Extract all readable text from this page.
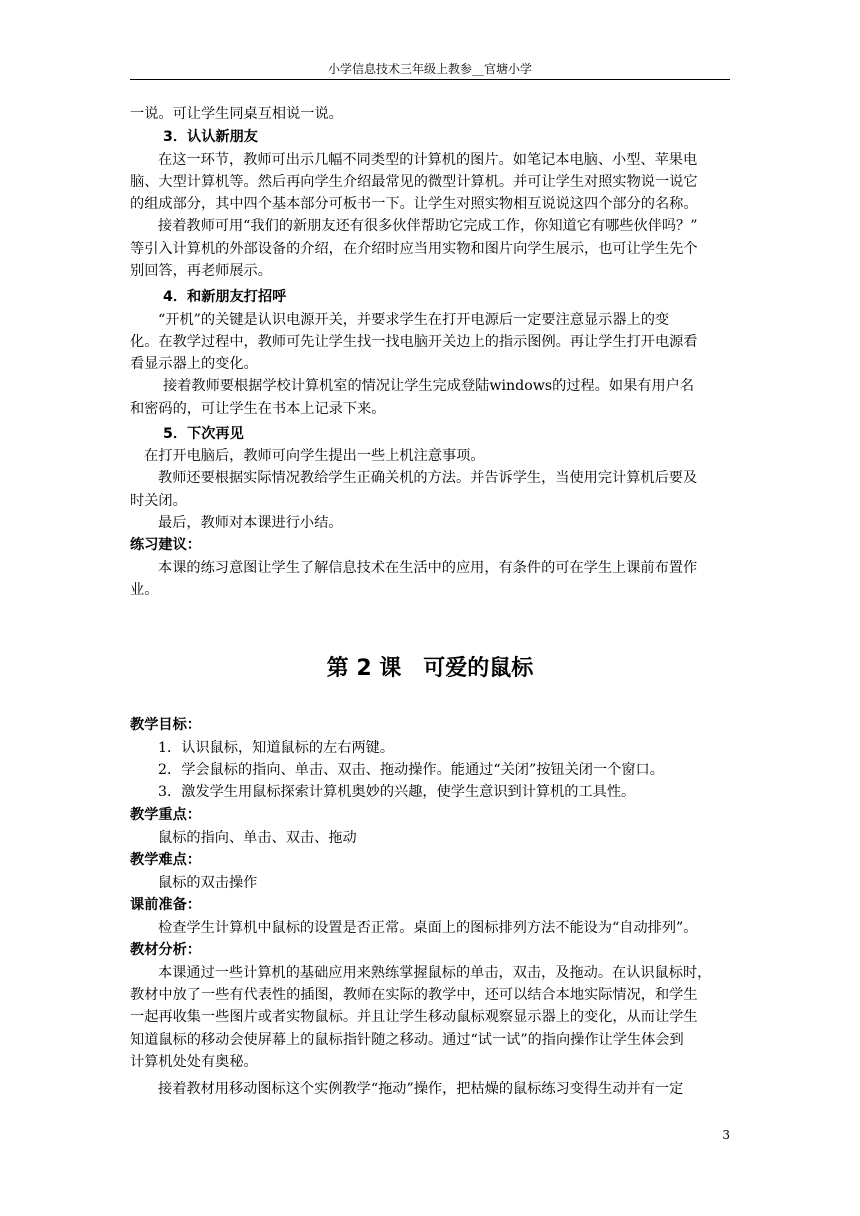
小学信息技术三年级上教参__官塘小学

一说。可让学生同桌互相说一说。

3．认认新朋友

在这一环节，教师可出示几幅不同类型的计算机的图片。如笔记本电脑、小型、苹果电

脑、大型计算机等。然后再向学生介绍最常见的微型计算机。并可让学生对照实物说一说它

的组成部分，其中四个基本部分可板书一下。让学生对照实物相互说说这四个部分的名称。

接着教师可用“我们的新朋友还有很多伙伴帮助它完成工作，你知道它有哪些伙伴吗？”

等引入计算机的外部设备的介绍，在介绍时应当用实物和图片向学生展示，也可让学生先个

别回答，再老师展示。

4．和新朋友打招呼

“开机”的关键是认识电源开关，并要求学生在打开电源后一定要注意显示器上的变

化。在教学过程中，教师可先让学生找一找电脑开关边上的指示图例。再让学生打开电源看

看显示器上的变化。

接着教师要根据学校计算机室的情况让学生完成登陆windows的过程。如果有用户名

和密码的，可让学生在书本上记录下来。

5．下次再见

在打开电脑后，教师可向学生提出一些上机注意事项。

教师还要根据实际情况教给学生正确关机的方法。并告诉学生，当使用完计算机后要及

时关闭。

最后，教师对本课进行小结。

练习建议：

本课的练习意图让学生了解信息技术在生活中的应用，有条件的可在学生上课前布置作

业。

第 2 课　可爱的鼠标

教学目标：

1．认识鼠标，知道鼠标的左右两键。

2．学会鼠标的指向、单击、双击、拖动操作。能通过“关闭”按钮关闭一个窗口。

3．激发学生用鼠标探索计算机奥妙的兴趣，使学生意识到计算机的工具性。

教学重点：

鼠标的指向、单击、双击、拖动

教学难点：

鼠标的双击操作

课前准备：

检查学生计算机中鼠标的设置是否正常。桌面上的图标排列方法不能设为“自动排列”。

教材分析：

本课通过一些计算机的基础应用来熟练掌握鼠标的单击，双击，及拖动。在认识鼠标时，

教材中放了一些有代表性的插图，教师在实际的教学中，还可以结合本地实际情况，和学生

一起再收集一些图片或者实物鼠标。并且让学生移动鼠标观察显示器上的变化，从而让学生

知道鼠标的移动会使屏幕上的鼠标指针随之移动。通过“试一试”的指向操作让学生体会到

计算机处处有奥秘。

接着教材用移动图标这个实例教学“拖动”操作，把枯燥的鼠标练习变得生动并有一定

3
